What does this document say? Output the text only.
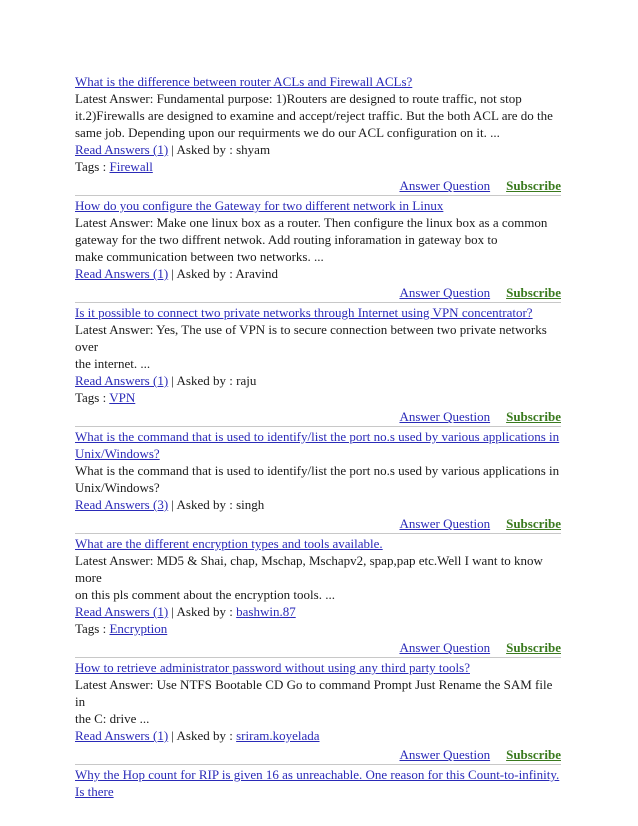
What is the difference between router ACLs and Firewall ACLs?
Latest Answer: Fundamental purpose: 1)Routers are designed to route traffic, not stop
it.2)Firewalls are designed to examine and accept/reject traffic. But the both ACL are do the
same job. Depending upon our requirments we do our ACL configuration on it. ...
Read Answers (1) | Asked by : shyam
Tags : Firewall
Answer Question Subscribe
How do you configure the Gateway for two different network in Linux
Latest Answer: Make one linux box as a router. Then configure the linux box as a common
gateway for the two diffrent netwok. Add routing inforamation in gateway box to
make communication between two networks. ...
Read Answers (1) | Asked by : Aravind
Answer Question Subscribe
Is it possible to connect two private networks through Internet using VPN concentrator?
Latest Answer: Yes, The use of VPN is to secure connection between two private networks over
the internet. ...
Read Answers (1) | Asked by : raju
Tags : VPN
Answer Question Subscribe
What is the command that is used to identify/list the port no.s used by various applications in Unix/Windows?
What is the command that is used to identify/list the port no.s used by various applications in
Unix/Windows?
Read Answers (3) | Asked by : singh
Answer Question Subscribe
What are the different encryption types and tools available.
Latest Answer: MD5 & Shai, chap, Mschap, Mschapv2, spap,pap etc.Well I want to know more
on this pls comment about the encryption tools. ...
Read Answers (1) | Asked by : bashwin.87
Tags : Encryption
Answer Question Subscribe
How to retrieve administrator password without using any third party tools?
Latest Answer: Use NTFS Bootable CD Go to command Prompt Just Rename the SAM file in
the C: drive ...
Read Answers (1) | Asked by : sriram.koyelada
Answer Question Subscribe
Why the Hop count for RIP is given 16 as unreachable. One reason for this Count-to-infinity. Is there
